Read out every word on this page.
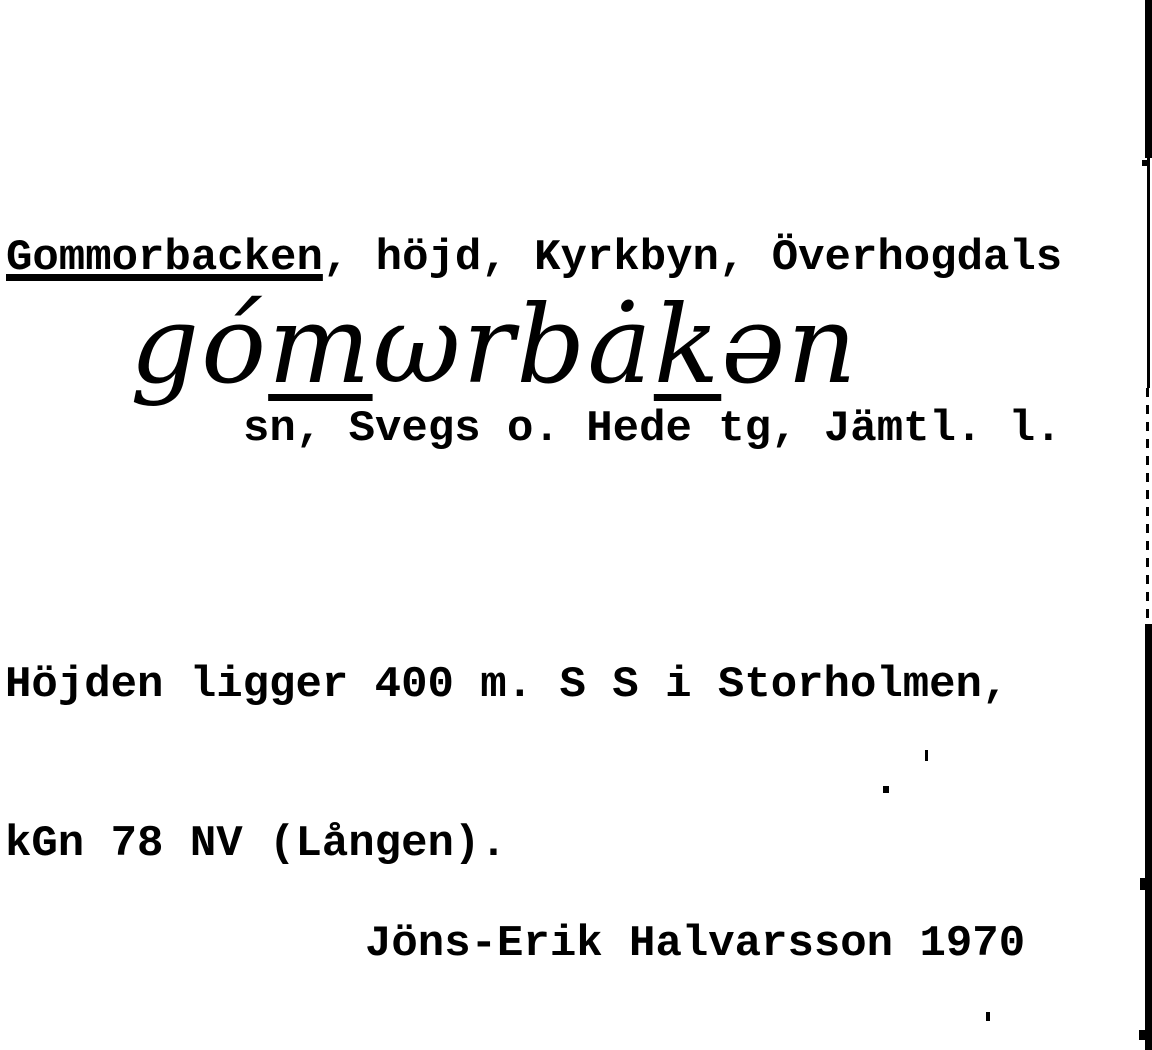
Gommorbacken, höjd, Kyrkbyn, Överhogdals

sn, Svegs o. Hede tg, Jämtl. l.

gómωrbȧkən

Höjden ligger 400 m. S S i Storholmen,

kGn 78 NV (Lången).

Jöns-Erik Halvarsson 1970
